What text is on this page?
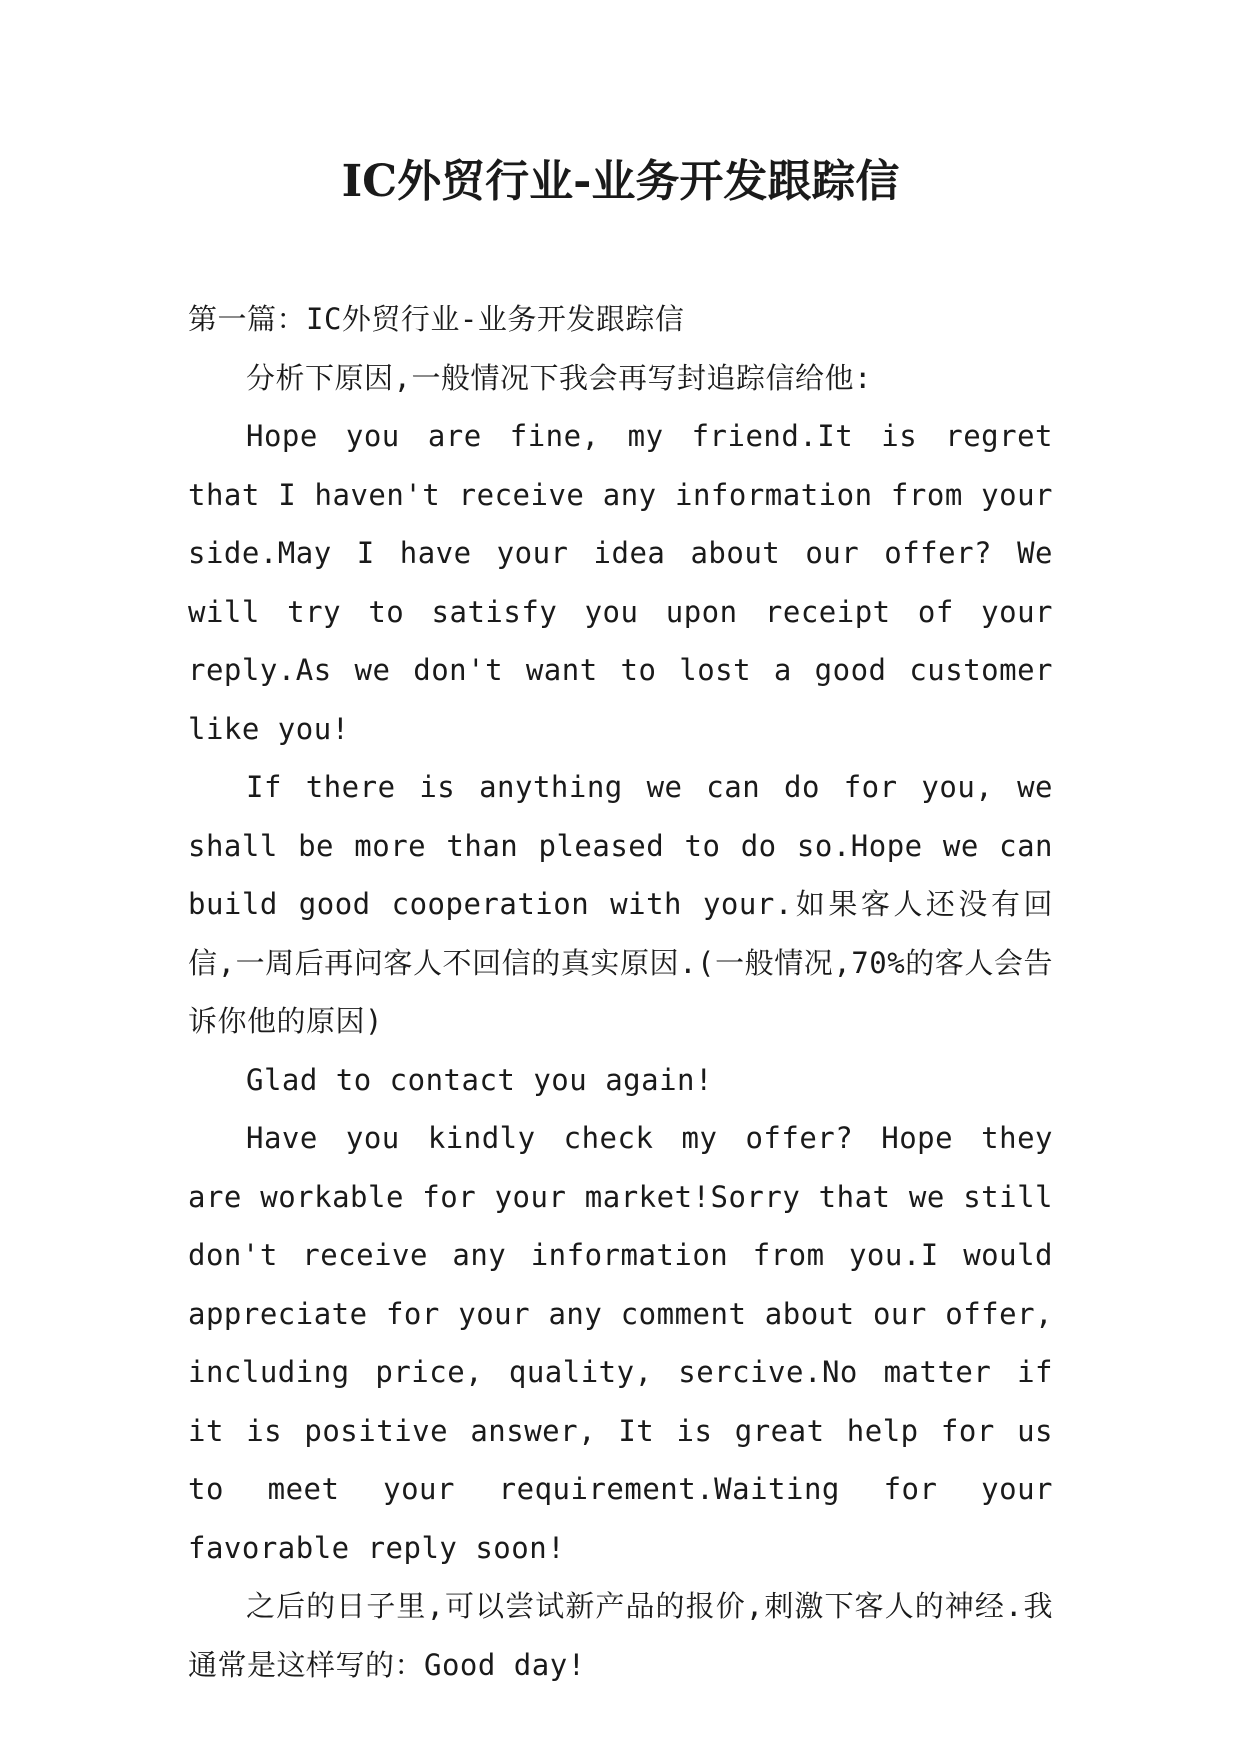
IC外贸行业-业务开发跟踪信

第一篇：IC外贸行业-业务开发跟踪信

分析下原因,一般情况下我会再写封追踪信给他:

Hope you are fine, my friend.It is regret that I haven't receive any information from your side.May I have your idea about our offer? We will try to satisfy you upon receipt of your reply.As we don't want to lost a good customer like you!

If there is anything we can do for you, we shall be more than pleased to do so.Hope we can build good cooperation with your.如果客人还没有回信,一周后再问客人不回信的真实原因.(一般情况,70%的客人会告诉你他的原因)

Glad to contact you again!

Have you kindly check my offer? Hope they are workable for your market!Sorry that we still don't receive any information from you.I would appreciate for your any comment about our offer, including price, quality, sercive.No matter if it is positive answer, It is great help for us to meet your requirement.Waiting for your favorable reply soon!

之后的日子里,可以尝试新产品的报价,刺激下客人的神经.我通常是这样写的：Good day!
